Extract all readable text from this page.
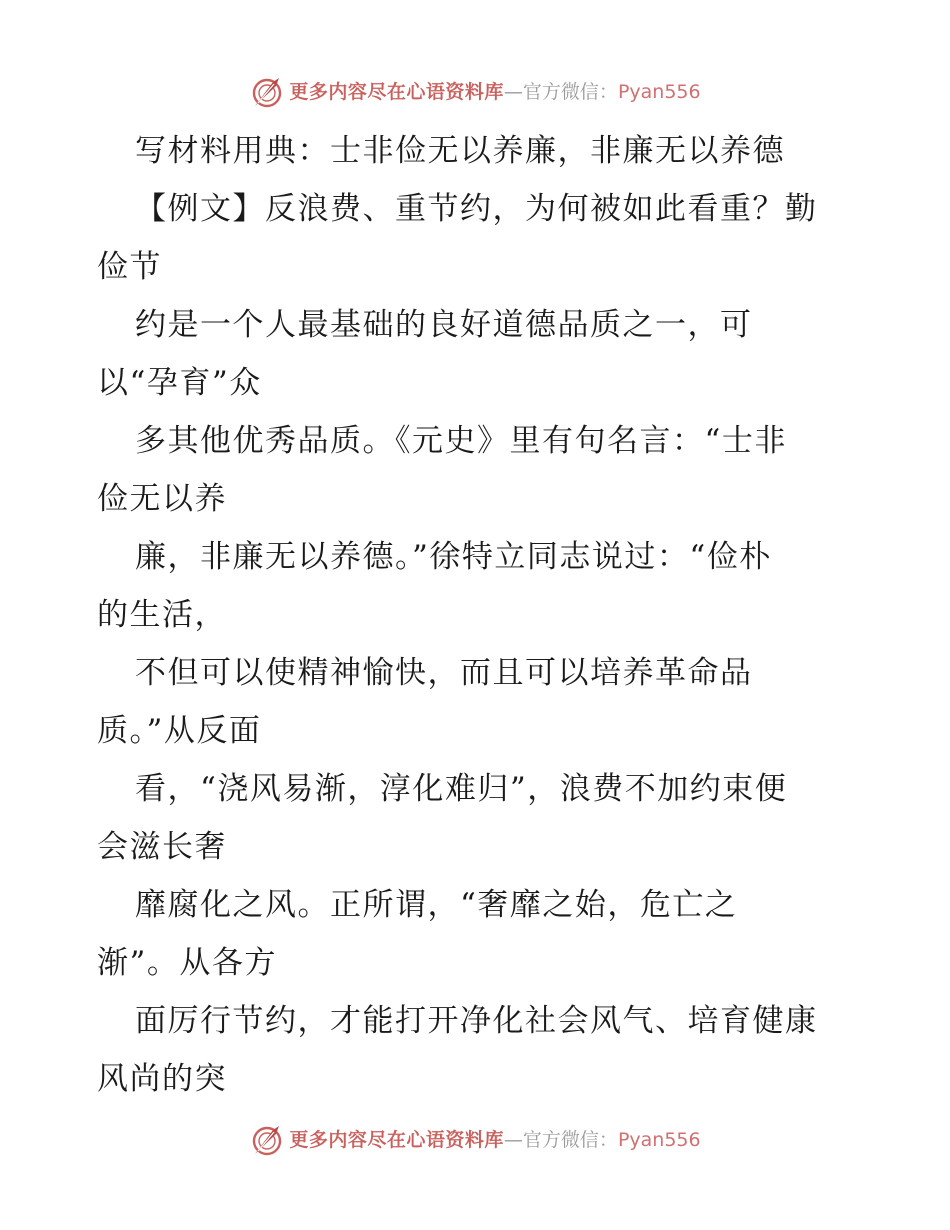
更多内容尽在心语资料库—官方微信：Pyan556
写材料用典：士非俭无以养廉，非廉无以养德
【例文】反浪费、重节约，为何被如此看重？勤
俭节
约是一个人最基础的良好道德品质之一，可
以“孕育”众
多其他优秀品质。《元史》里有句名言：“士非
俭无以养
廉，非廉无以养德。”徐特立同志说过：“俭朴
的生活，
不但可以使精神愉快，而且可以培养革命品
质。”从反面
看，“浇风易渐，淳化难归”，浪费不加约束便
会滋长奢
靡腐化之风。正所谓，“奢靡之始，危亡之
渐”。从各方
面厉行节约，才能打开净化社会风气、培育健康
风尚的突
更多内容尽在心语资料库—官方微信：Pyan556
